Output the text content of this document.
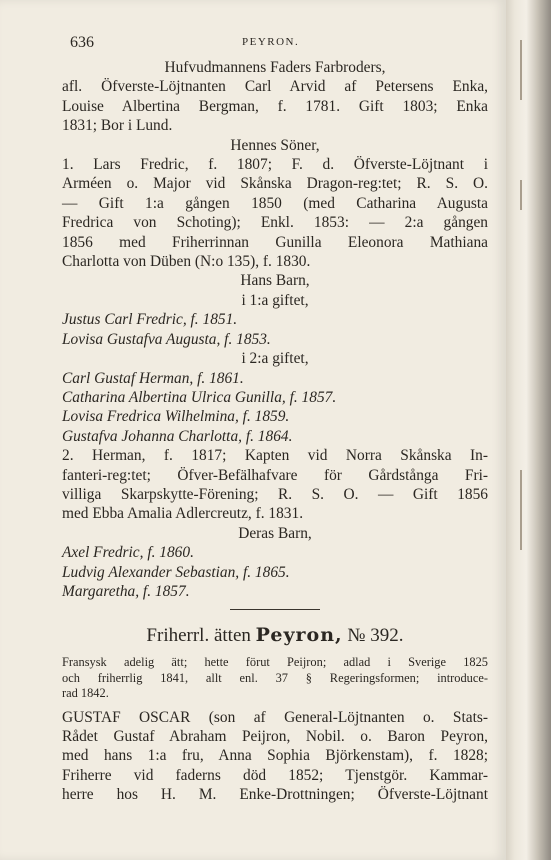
636	PEYRON.
Hufvudmannens Faders Farbroders,
afl. Öfverste-Löjtnanten Carl Arvid af Petersens Enka,
Louise Albertina Bergman, f. 1781. Gift 1803; Enka
1831; Bor i Lund.
Hennes Söner,
1. Lars Fredric, f. 1807; F. d. Öfverste-Löjtnant i
Arméen o. Major vid Skånska Dragon-reg:tet; R. S. O.
— Gift 1:a gången 1850 (med Catharina Augusta
Fredrica von Schoting); Enkl. 1853: — 2:a gången
1856 med Friherrinnan Gunilla Eleonora Mathiana
Charlotta von Düben (N:o 135), f. 1830.
Hans Barn,
i 1:a giftet,
Justus Carl Fredric, f. 1851.
Lovisa Gustafva Augusta, f. 1853.
i 2:a giftet,
Carl Gustaf Herman, f. 1861.
Catharina Albertina Ulrica Gunilla, f. 1857.
Lovisa Fredrica Wilhelmina, f. 1859.
Gustafva Johanna Charlotta, f. 1864.
2. Herman, f. 1817; Kapten vid Norra Skånska In-
fanteri-reg:tet; Öfver-Befälhafvare för Gårdstånga Fri-
villiga Skarpskytte-Förening; R. S. O. — Gift 1856
med Ebba Amalia Adlercreutz, f. 1831.
Deras Barn,
Axel Fredric, f. 1860.
Ludvig Alexander Sebastian, f. 1865.
Margaretha, f. 1857.
Friherrl. ätten Peyron, № 392.
Fransysk adelig ätt; hette förut Peijron; adlad i Sverige 1825
och friherrlig 1841, allt enl. 37 § Regeringsformen; introduce-
rad 1842.
GUSTAF OSCAR (son af General-Löjtnanten o. Stats-
Rådet Gustaf Abraham Peijron, Nobil. o. Baron Peyron,
med hans 1:a fru, Anna Sophia Björkenstam), f. 1828;
Friherre vid faderns död 1852; Tjenstgör. Kammar-
herre hos H. M. Enke-Drottningen; Öfverste-Löjtnant
